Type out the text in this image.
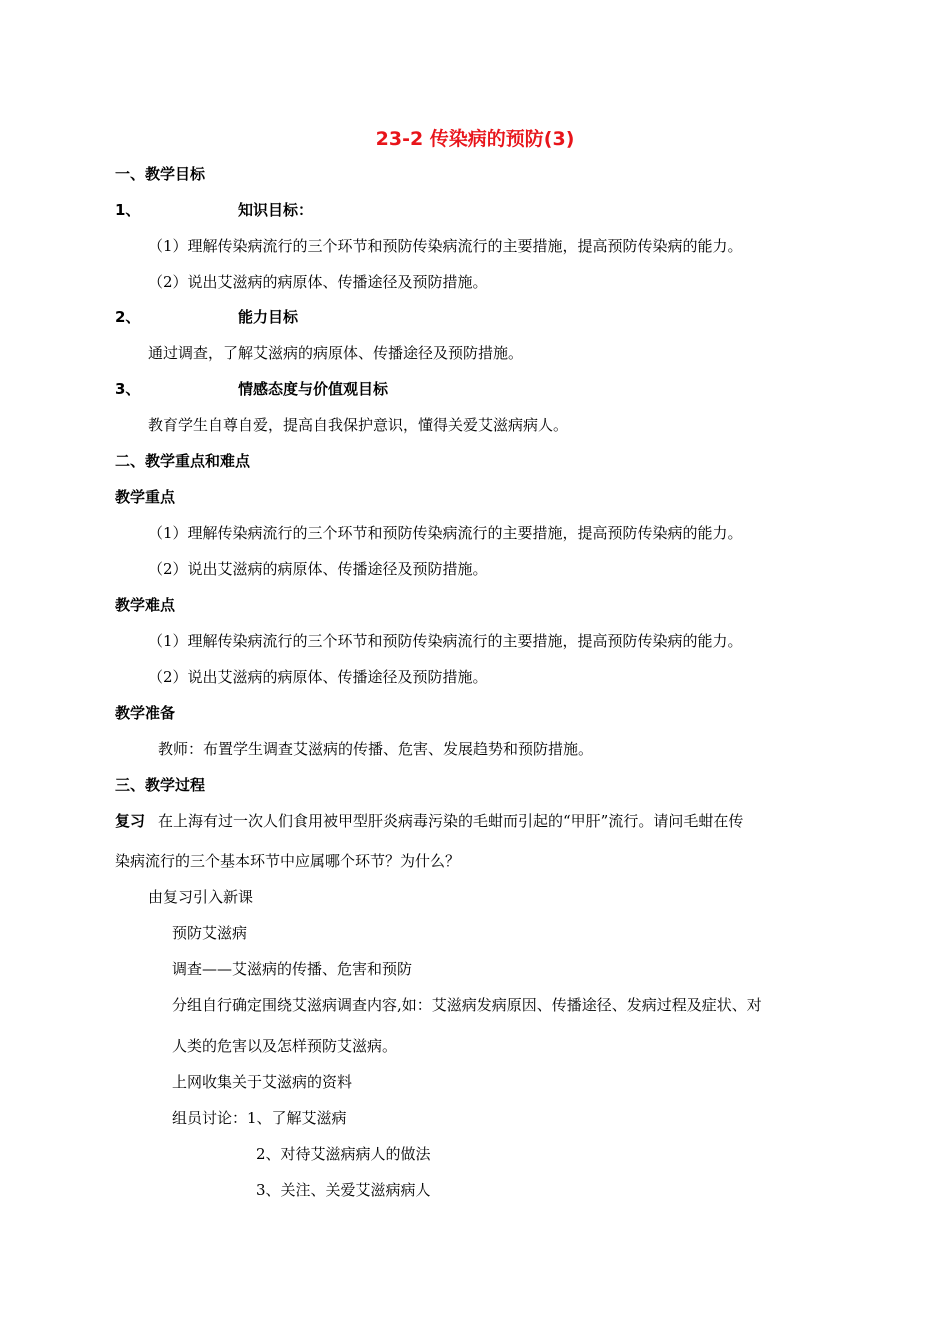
23-2 传染病的预防(3)
一、教学目标
1、	知识目标：
（1）理解传染病流行的三个环节和预防传染病流行的主要措施，提高预防传染病的能力。
（2）说出艾滋病的病原体、传播途径及预防措施。
2、	能力目标
通过调查，了解艾滋病的病原体、传播途径及预防措施。
3、	情感态度与价值观目标
教育学生自尊自爱，提高自我保护意识，懂得关爱艾滋病病人。
二、教学重点和难点
教学重点
（1）理解传染病流行的三个环节和预防传染病流行的主要措施，提高预防传染病的能力。
（2）说出艾滋病的病原体、传播途径及预防措施。
教学难点
（1）理解传染病流行的三个环节和预防传染病流行的主要措施，提高预防传染病的能力。
（2）说出艾滋病的病原体、传播途径及预防措施。
教学准备
教师：布置学生调查艾滋病的传播、危害、发展趋势和预防措施。
三、教学过程
复习 在上海有过一次人们食用被甲型肝炎病毒污染的毛蚶而引起的“甲肝”流行。请问毛蚶在传
染病流行的三个基本环节中应属哪个环节？为什么？
由复习引入新课
预防艾滋病
调查——艾滋病的传播、危害和预防
分组自行确定围绕艾滋病调查内容,如：艾滋病发病原因、传播途径、发病过程及症状、对
人类的危害以及怎样预防艾滋病。
上网收集关于艾滋病的资料
组员讨论：1、了解艾滋病
2、对待艾滋病病人的做法
3、关注、关爱艾滋病病人
